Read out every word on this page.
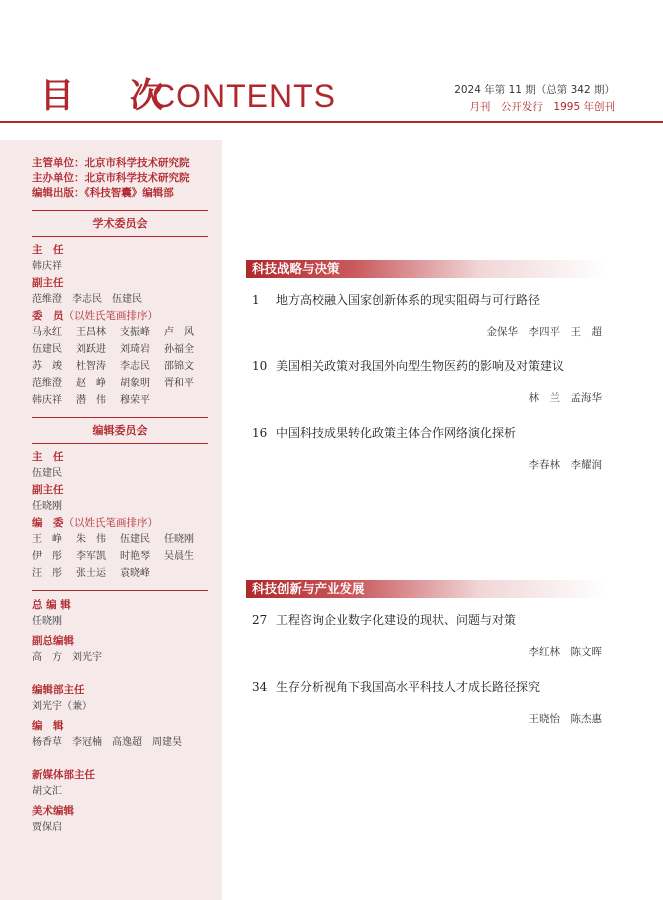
目 次
CONTENTS	2024 年第 11 期（总第 342 期）
月刊　公开发行　1995 年创刊
主管单位：北京市科学技术研究院
主办单位：北京市科学技术研究院
编辑出版：《科技智囊》编辑部
学术委员会
主　任
韩庆祥
副主任
范维澄　李志民　伍建民
委　员（以姓氏笔画排序）
马永红	王昌林	支振峰	卢　风
伍建民	刘跃进	刘琦岩	孙福全
苏　竣	杜智涛	李志民	邵锦文
范维澄	赵　峥	胡象明	胥和平
韩庆祥	潜　伟	穆荣平
编辑委员会
主　任
伍建民
副主任
任晓刚
编　委（以姓氏笔画排序）
王　峥	朱　伟	伍建民	任晓刚
伊　彤	李军凯	时艳琴	吴晨生
汪　彤	张士运	袁晓峰
总 编 辑
任晓刚
副总编辑
高　方　刘光宇
编辑部主任
刘光宇（兼）
编　辑
杨香草　李冠楠　高逸超　周建昊
新媒体部主任
胡文汇
美术编辑
贾保启
科技战略与决策
1 地方高校融入国家创新体系的现实阻碍与可行路径
金保华　李四平　王　超
10 美国相关政策对我国外向型生物医药的影响及对策建议
林　兰　孟海华
16 中国科技成果转化政策主体合作网络演化探析
李春林　李耀润
科技创新与产业发展
27 工程咨询企业数字化建设的现状、问题与对策
李红林　陈文晖
34 生存分析视角下我国高水平科技人才成长路径探究
王晓怡　陈杰惠
